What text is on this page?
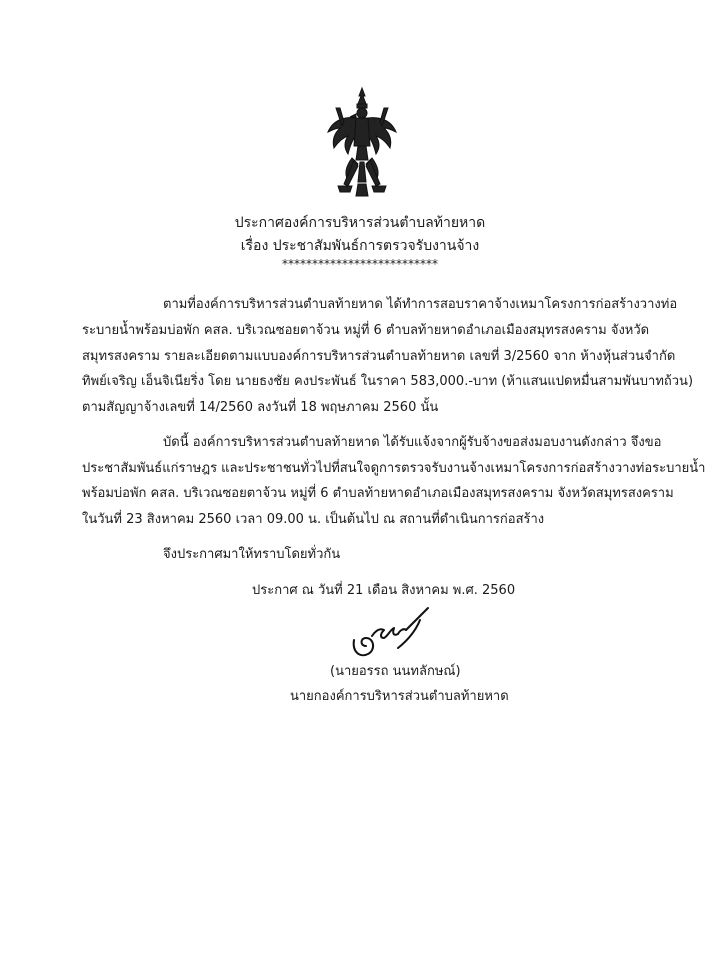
ประกาศองค์การบริหารส่วนตำบลท้ายหาด
เรื่อง ประชาสัมพันธ์การตรวจรับงานจ้าง
**************************
ตามที่องค์การบริหารส่วนตำบลท้ายหาด ได้ทำการสอบราคาจ้างเหมาโครงการก่อสร้างวางท่อ
ระบายน้ำพร้อมบ่อพัก คสล. บริเวณซอยตาจ้วน หมู่ที่ 6 ตำบลท้ายหาดอำเภอเมืองสมุทรสงคราม จังหวัด
สมุทรสงคราม รายละเอียดตามแบบองค์การบริหารส่วนตำบลท้ายหาด เลขที่ 3/2560 จาก ห้างหุ้นส่วนจำกัด
ทิพย์เจริญ เอ็นจิเนียริ่ง โดย นายธงชัย คงประพันธ์ ในราคา 583,000.-บาท (ห้าแสนแปดหมื่นสามพันบาทถ้วน)
ตามสัญญาจ้างเลขที่ 14/2560 ลงวันที่ 18 พฤษภาคม 2560 นั้น
บัดนี้ องค์การบริหารส่วนตำบลท้ายหาด ได้รับแจ้งจากผู้รับจ้างขอส่งมอบงานดังกล่าว จึงขอ
ประชาสัมพันธ์แก่ราษฎร และประชาชนทั่วไปที่สนใจดูการตรวจรับงานจ้างเหมาโครงการก่อสร้างวางท่อระบายน้ำ
พร้อมบ่อพัก คสล. บริเวณซอยตาจ้วน หมู่ที่ 6 ตำบลท้ายหาดอำเภอเมืองสมุทรสงคราม จังหวัดสมุทรสงคราม
ในวันที่ 23 สิงหาคม 2560 เวลา 09.00 น. เป็นต้นไป ณ สถานที่ดำเนินการก่อสร้าง
จึงประกาศมาให้ทราบโดยทั่วกัน
ประกาศ ณ วันที่ 21 เดือน สิงหาคม พ.ศ. 2560
(นายอรรถ นนทลักษณ์)
นายกองค์การบริหารส่วนตำบลท้ายหาด
